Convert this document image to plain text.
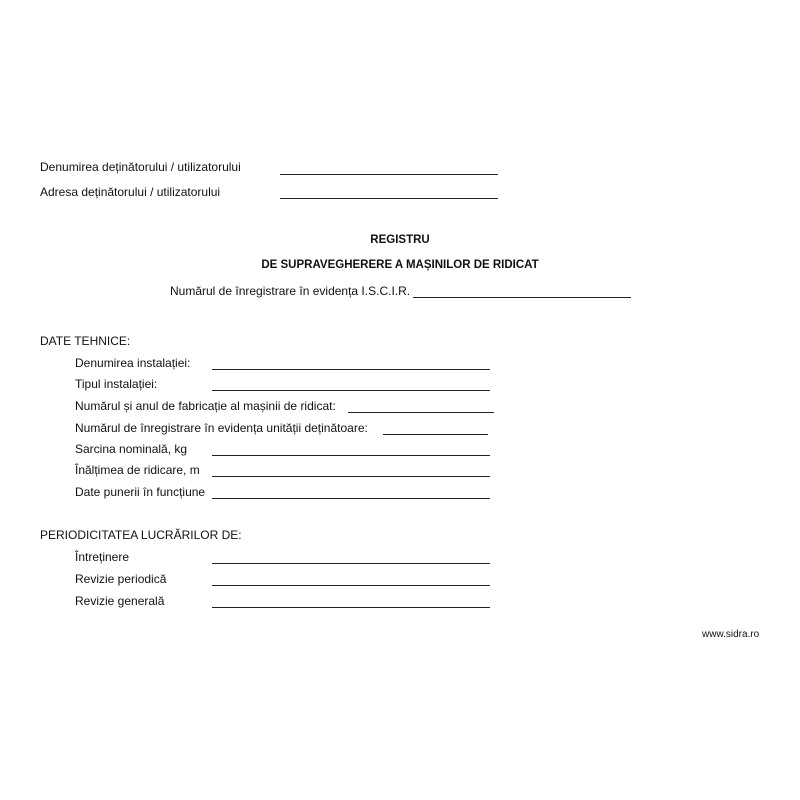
Denumirea deținătorului / utilizatorului
Adresa deținătorului / utilizatorului
REGISTRU
DE SUPRAVEGHERERE A MAȘINILOR DE RIDICAT
Numărul de înregistrare în evidența I.S.C.I.R.
DATE TEHNICE:
Denumirea instalației:
Tipul instalației:
Numărul și anul de fabricație al mașinii de ridicat:
Numărul de înregistrare în evidența unității deținătoare:
Sarcina nominală, kg
Înălțimea de ridicare, m
Date punerii în funcțiune
PERIODICITATEA LUCRĂRILOR DE:
Întreținere
Revizie periodică
Revizie generală
www.sidra.ro
